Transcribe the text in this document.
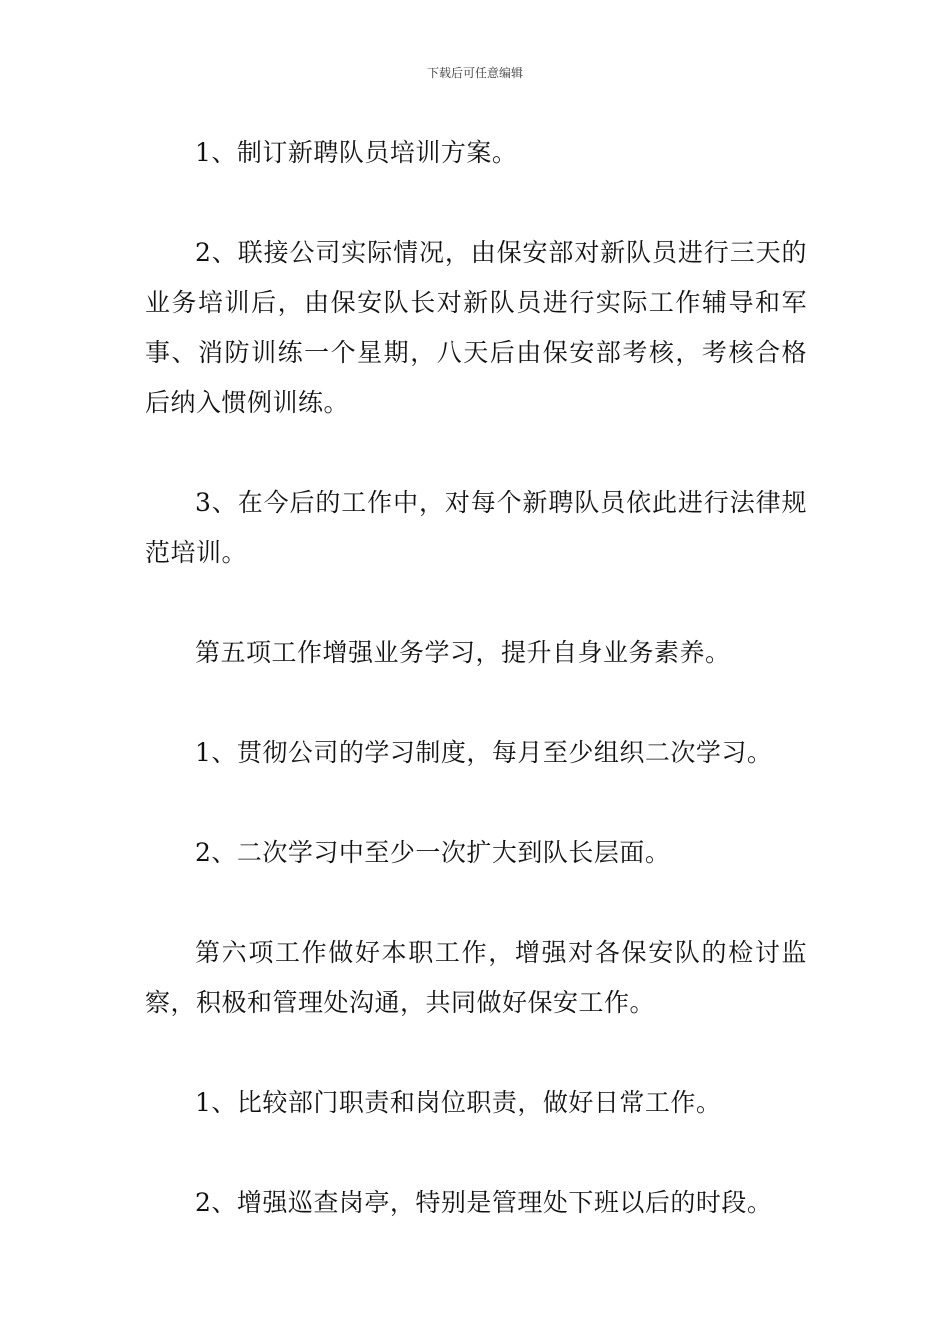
下载后可任意编辑

1、制订新聘队员培训方案。

2、联接公司实际情况，由保安部对新队员进行三天的业务培训后，由保安队长对新队员进行实际工作辅导和军事、消防训练一个星期，八天后由保安部考核，考核合格后纳入惯例训练。

3、在今后的工作中，对每个新聘队员依此进行法律规范培训。

第五项工作增强业务学习，提升自身业务素养。

1、贯彻公司的学习制度，每月至少组织二次学习。

2、二次学习中至少一次扩大到队长层面。

第六项工作做好本职工作，增强对各保安队的检讨监察，积极和管理处沟通，共同做好保安工作。

1、比较部门职责和岗位职责，做好日常工作。

2、增强巡查岗亭，特别是管理处下班以后的时段。
